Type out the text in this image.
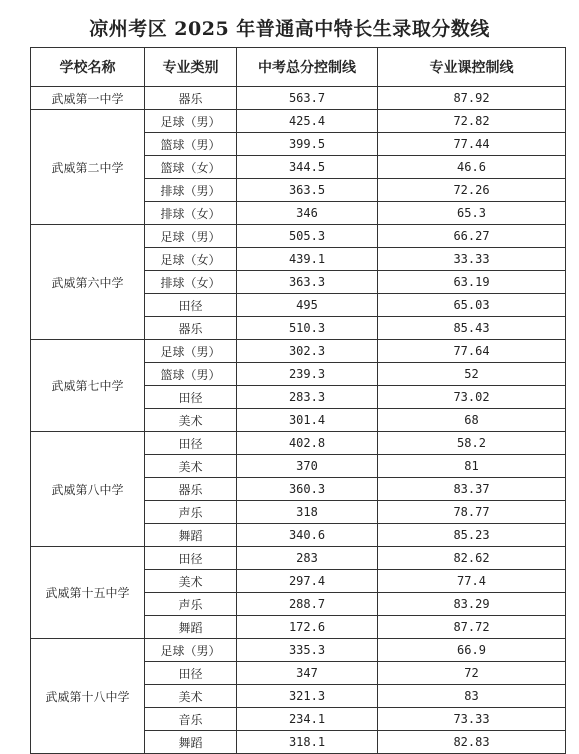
凉州考区 2025 年普通高中特长生录取分数线
学校名称	专业类别	中考总分控制线	专业课控制线
武威第一中学	器乐	563.7	87.92
武威第二中学	足球（男）	425.4	72.82
	篮球（男）	399.5	77.44
	篮球（女）	344.5	46.6
	排球（男）	363.5	72.26
	排球（女）	346	65.3
武威第六中学	足球（男）	505.3	66.27
	足球（女）	439.1	33.33
	排球（女）	363.3	63.19
	田径	495	65.03
	器乐	510.3	85.43
武威第七中学	足球（男）	302.3	77.64
	篮球（男）	239.3	52
	田径	283.3	73.02
	美术	301.4	68
武威第八中学	田径	402.8	58.2
	美术	370	81
	器乐	360.3	83.37
	声乐	318	78.77
	舞蹈	340.6	85.23
武威第十五中学	田径	283	82.62
	美术	297.4	77.4
	声乐	288.7	83.29
	舞蹈	172.6	87.72
武威第十八中学	足球（男）	335.3	66.9
	田径	347	72
	美术	321.3	83
	音乐	234.1	73.33
	舞蹈	318.1	82.83
